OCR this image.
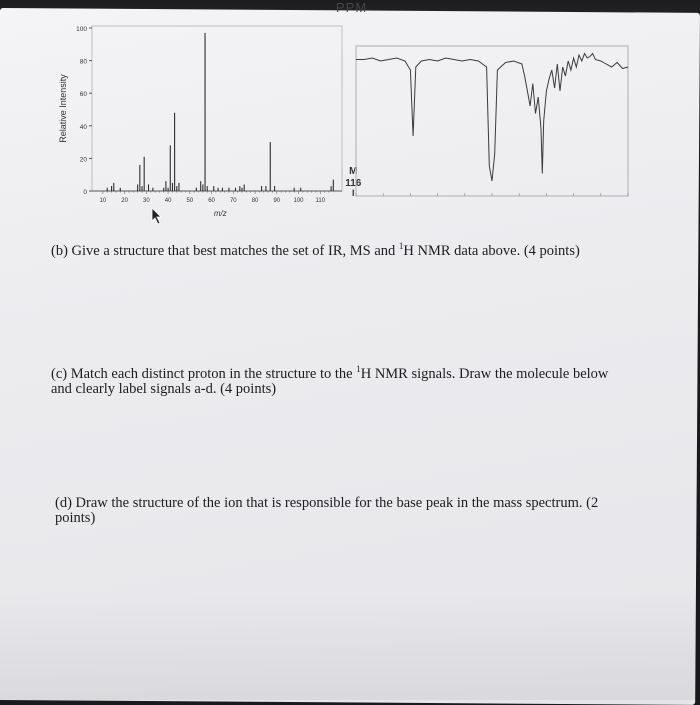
PPM
100
80
60
40
20
0
10	20	30	40	50	60	70	80	90 100 110
Relative Intensity
m/z
M
116
I
(b) Give a structure that best matches the set of IR, MS and $^1$H NMR data above. (4 points)
(c) Match each distinct proton in the structure to the $^1$H NMR signals. Draw the molecule below
and clearly label signals a-d. (4 points)
(d) Draw the structure of the ion that is responsible for the base peak in the mass spectrum. (2
points)
